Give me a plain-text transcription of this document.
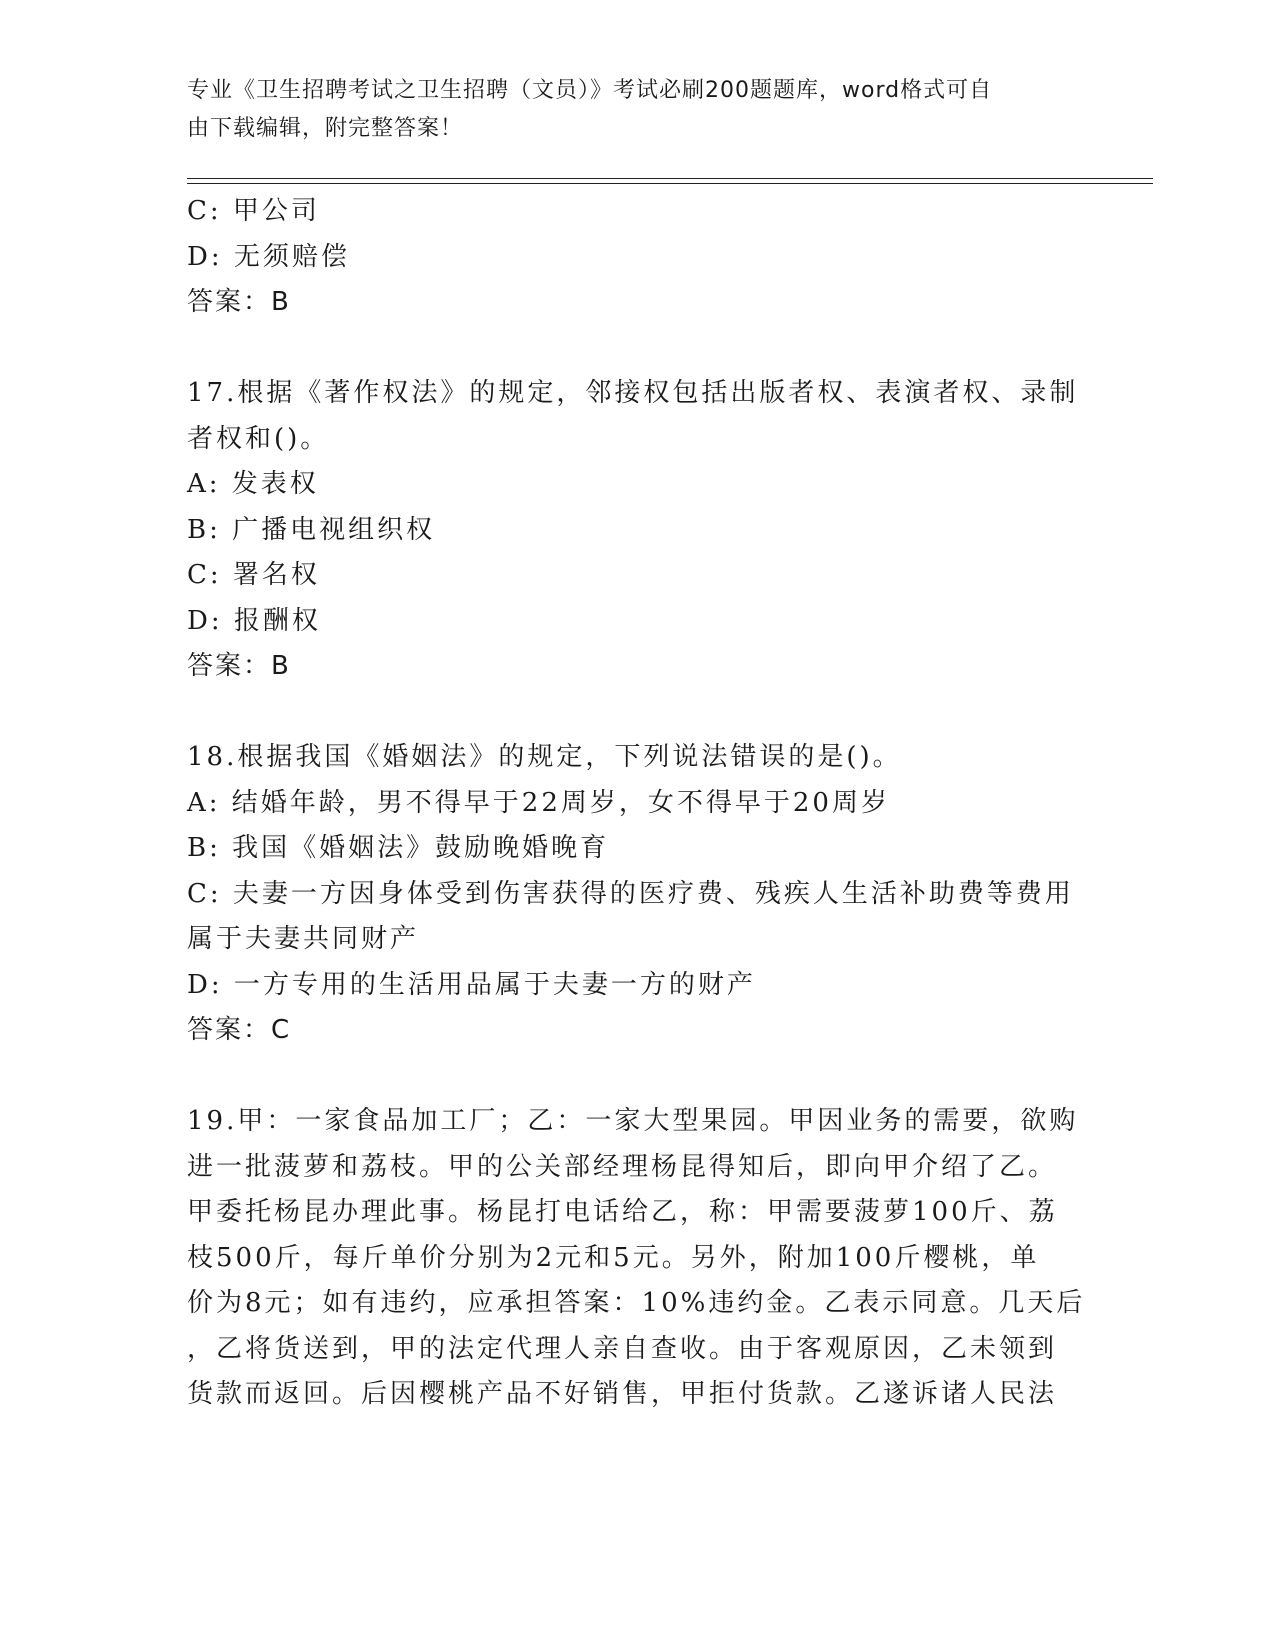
专业《卫生招聘考试之卫生招聘（文员）》考试必刷200题题库，word格式可自
由下载编辑，附完整答案！
C: 甲公司
D: 无须赔偿
答案：B
17.根据《著作权法》的规定，邻接权包括出版者权、表演者权、录制
者权和()。
A: 发表权
B: 广播电视组织权
C: 署名权
D: 报酬权
答案：B
18.根据我国《婚姻法》的规定，下列说法错误的是()。
A: 结婚年龄，男不得早于22周岁，女不得早于20周岁
B: 我国《婚姻法》鼓励晚婚晚育
C: 夫妻一方因身体受到伤害获得的医疗费、残疾人生活补助费等费用
属于夫妻共同财产
D: 一方专用的生活用品属于夫妻一方的财产
答案：C
19.甲：一家食品加工厂；乙：一家大型果园。甲因业务的需要，欲购
进一批菠萝和荔枝。甲的公关部经理杨昆得知后，即向甲介绍了乙。
甲委托杨昆办理此事。杨昆打电话给乙，称：甲需要菠萝100斤、荔
枝500斤，每斤单价分别为2元和5元。另外，附加100斤樱桃，单
价为8元；如有违约，应承担答案：10%违约金。乙表示同意。几天后
，乙将货送到，甲的法定代理人亲自查收。由于客观原因，乙未领到
货款而返回。后因樱桃产品不好销售，甲拒付货款。乙遂诉诸人民法
